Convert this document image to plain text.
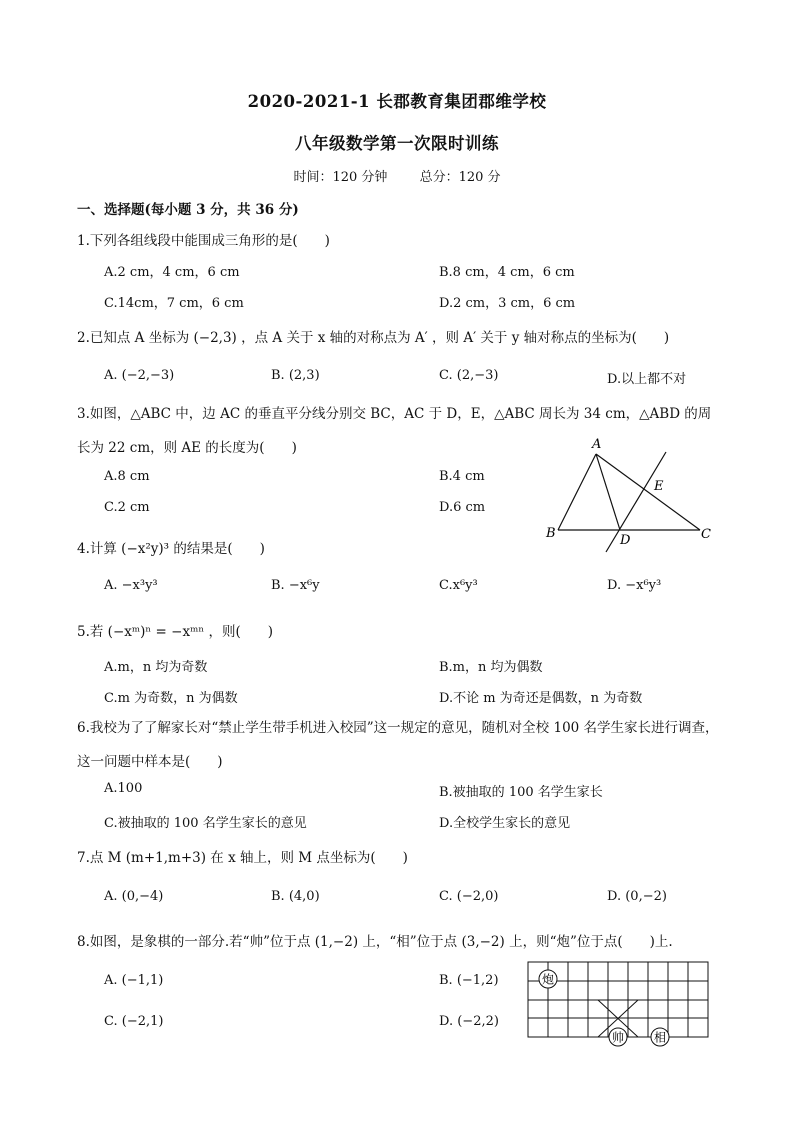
2020-2021-1 长郡教育集团郡维学校
八年级数学第一次限时训练
时间：120 分钟 总分：120 分
一、选择题(每小题 3 分，共 36 分)
1.下列各组线段中能围成三角形的是(　　)
A.2 cm，4 cm，6 cm	B.8 cm，4 cm，6 cm
C.14cm，7 cm，6 cm	D.2 cm，3 cm，6 cm
2.已知点 A 坐标为 (−2,3) ，点 A 关于 x 轴的对称点为 A′ ，则 A′ 关于 y 轴对称点的坐标为(　　)
A. (−2,−3)	B. (2,3)	C. (2,−3)	D.以上都不对
3.如图，△ABC 中，边 AC 的垂直平分线分别交 BC，AC 于 D，E，△ABC 周长为 34 cm，△ABD 的周长为 22 cm，则 AE 的长度为(　　)
A.8 cm	B.4 cm
C.2 cm	D.6 cm
A
E
B	D	C
4.计算 (−x²y)³ 的结果是(　　)
A. −x³y³	B. −x⁶y	C.x⁶y³	D. −x⁶y³
5.若 (−xᵐ)ⁿ = −xᵐⁿ ，则(　　)
A.m，n 均为奇数	B.m，n 均为偶数
C.m 为奇数，n 为偶数	D.不论 m 为奇还是偶数，n 为奇数
6.我校为了了解家长对“禁止学生带手机进入校园”这一规定的意见，随机对全校 100 名学生家长进行调查，这一问题中样本是(　　)
A.100	B.被抽取的 100 名学生家长
C.被抽取的 100 名学生家长的意见	D.全校学生家长的意见
7.点 M (m+1,m+3) 在 x 轴上，则 M 点坐标为(　　)
A. (0,−4)	B. (4,0)	C. (−2,0)	D. (0,−2)
8.如图，是象棋的一部分.若“帅”位于点 (1,−2) 上，“相”位于点 (3,−2) 上，则“炮”位于点(　　)上.
A. (−1,1)	B. (−1,2)
C. (−2,1)	D. (−2,2)
炮
帅 相
